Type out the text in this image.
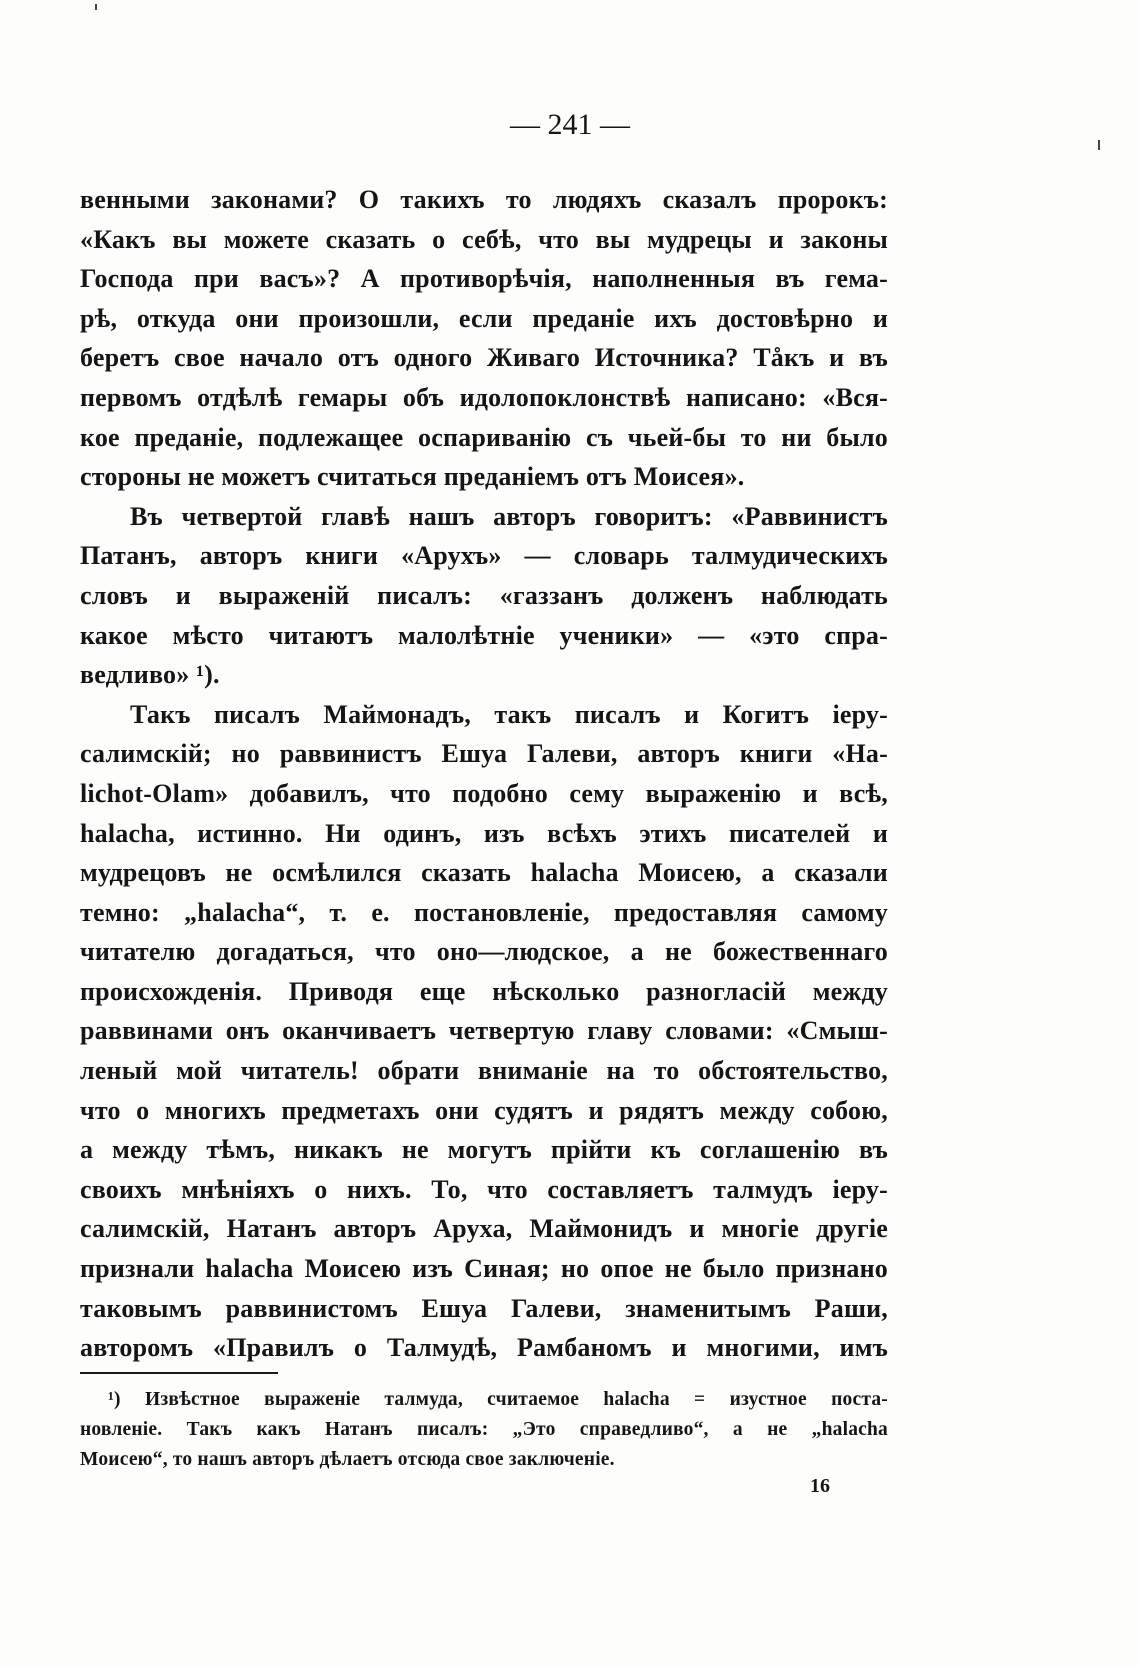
— 241 —
венными законами? О такихъ то людяхъ сказалъ пророкъ:
«Какъ вы можете сказать о себѣ, что вы мудрецы и законы
Господа при васъ»? А противорѣчія, наполненныя въ гема-
рѣ, откуда они произошли, если преданіе ихъ достовѣрно и
беретъ свое начало отъ одного Живаго Источника? Тåкъ и въ
первомъ отдѣлѣ гемары объ идолопоклонствѣ написано: «Вся-
кое преданіе, подлежащее оспариванію съ чьей-бы то ни было
стороны не можетъ считаться преданіемъ отъ Моисея».
Въ четвертой главѣ нашъ авторъ говоритъ: «Раввинистъ
Патанъ, авторъ книги «Арухъ» — словарь талмудическихъ
словъ и выраженій писалъ: «газзанъ долженъ наблюдать
какое мѣсто читаютъ малолѣтніе ученики» — «это спра-
ведливо» ¹).
Такъ писалъ Маймонадъ, такъ писалъ и Когитъ іеру-
салимскій; но раввинистъ Ешуа Галеви, авторъ книги «Ha-
lichot-Olam» добавилъ, что подобно сему выраженію и всѣ,
halacha, истинно. Ни одинъ, изъ всѣхъ этихъ писателей и
мудрецовъ не осмѣлился сказать halacha Моисею, а сказали
темно: „halacha“, т. е. постановленіе, предоставляя самому
читателю догадаться, что оно—людское, а не божественнаго
происхожденія. Приводя еще нѣсколько разногласій между
раввинами онъ оканчиваетъ четвертую главу словами: «Смыш-
леный мой читатель! обрати вниманіе на то обстоятельство,
что о многихъ предметахъ они судятъ и рядятъ между собою,
а между тѣмъ, никакъ не могутъ прійти къ соглашенію въ
своихъ мнѣніяхъ о нихъ. То, что составляетъ талмудъ іеру-
салимскій, Натанъ авторъ Аруха, Маймонидъ и многіе другіе
признали halacha Моисею изъ Синая; но опое не было признано
таковымъ раввинистомъ Ешуа Галеви, знаменитымъ Раши,
авторомъ «Правилъ о Талмудѣ, Рамбаномъ и многими, имъ
¹) Извѣстное выраженіе талмуда, считаемое halacha = изустное поста-
новленіе. Такъ какъ Натанъ писалъ: „Это справедливо“, а не „halacha
Моисею“, то нашъ авторъ дѣлаетъ отсюда свое заключеніе.
16
